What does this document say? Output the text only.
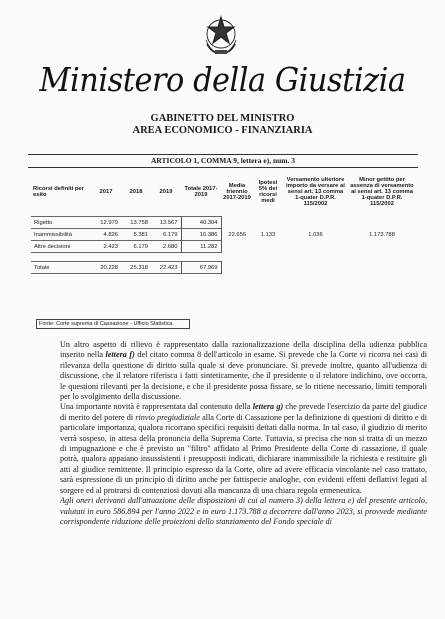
Ministero della Giustizia
GABINETTO DEL MINISTRO
AREA ECONOMICO - FINANZIARIA
ARTICOLO 1, COMMA 9, lettera e), num. 3
Ricorsi definiti per esito	2017	2018	2019	Totale 2017-2019	Media triennio 2017-2019	Ipotesi 5% dei ricorsi medi	Versamento ulteriore importo da versare ai sensi art. 13 comma 1-quater D.P.R. 115/2002	Minor gettito per assenza di versamento ai sensi art. 13 comma 1-quater D.P.R. 115/2002

Rigetto	12.979	13.758	13.567	40.304	22.656	1.133	1.036	1.173.788
Inammissibilità	4.826	5.381	6.179	16.386				
Altre decisioni	2.423	6.179	2.680	11.282				

Totale	20.228	25.318	22.423	67.969				
Fonte: Corte suprema di Cassazione - Ufficio Statistica

Un altro aspetto di rilievo è rappresentato dalla razionalizzazione della disciplina della udienza pubblica inserito nella lettera f) del citato comma 8 dell'articolo in esame. Si prevede che la Corte vi ricorra nei casi di rilevanza della questione di diritto sulla quale si deve pronunciare. Si prevede inoltre, quanto all'udienza di discussione, che il relatore riferisca i fatti sinteticamente, che il presidente o il relatore indichino, ove occorra, le questioni rilevanti per la decisione, e che il presidente possa fissare, se lo ritiene necessario, limiti temporali per lo svolgimento della discussione.

Una importante novità è rappresentata dal contenuto della lettera g) che prevede l'esercizio da parte del giudice di merito del potere di rinvio pregiudiziale alla Corte di Cassazione per la definizione di questioni di diritto e di particolare importanza, qualora ricorrano specifici requisiti dettati dalla norma. In tal caso, il giudizio di merito verrà sospeso, in attesa della pronuncia della Suprema Corte. Tuttavia, si precisa che non si tratta di un mezzo di impugnazione e che è previsto un "filtro" affidato al Primo Presidente della Corte di cassazione, il quale potrà, qualora appaiano insussistenti i presupposti indicati, dichiarare inammissibile la richiesta e restituire gli atti al giudice remittente. Il principio espresso da la Corte, oltre ad avere efficacia vincolante nel caso trattato, sarà espressione di un principio di diritto anche per fattispecie analoghe, con evidenti effetti deflattivi legati al sorgere ed al protrarsi di contenziosi dovuti alla mancanza di una chiara regola ermeneutica.

Agli oneri derivanti dall'attuazione delle disposizioni di cui al numero 3) della lettera e) del presente articolo, valutati in euro 586.894 per l'anno 2022 e in euro 1.173.788 a decorrere dall'anno 2023, si provvede mediante corrispondente riduzione delle proiezioni dello stanziamento del Fondo speciale di
